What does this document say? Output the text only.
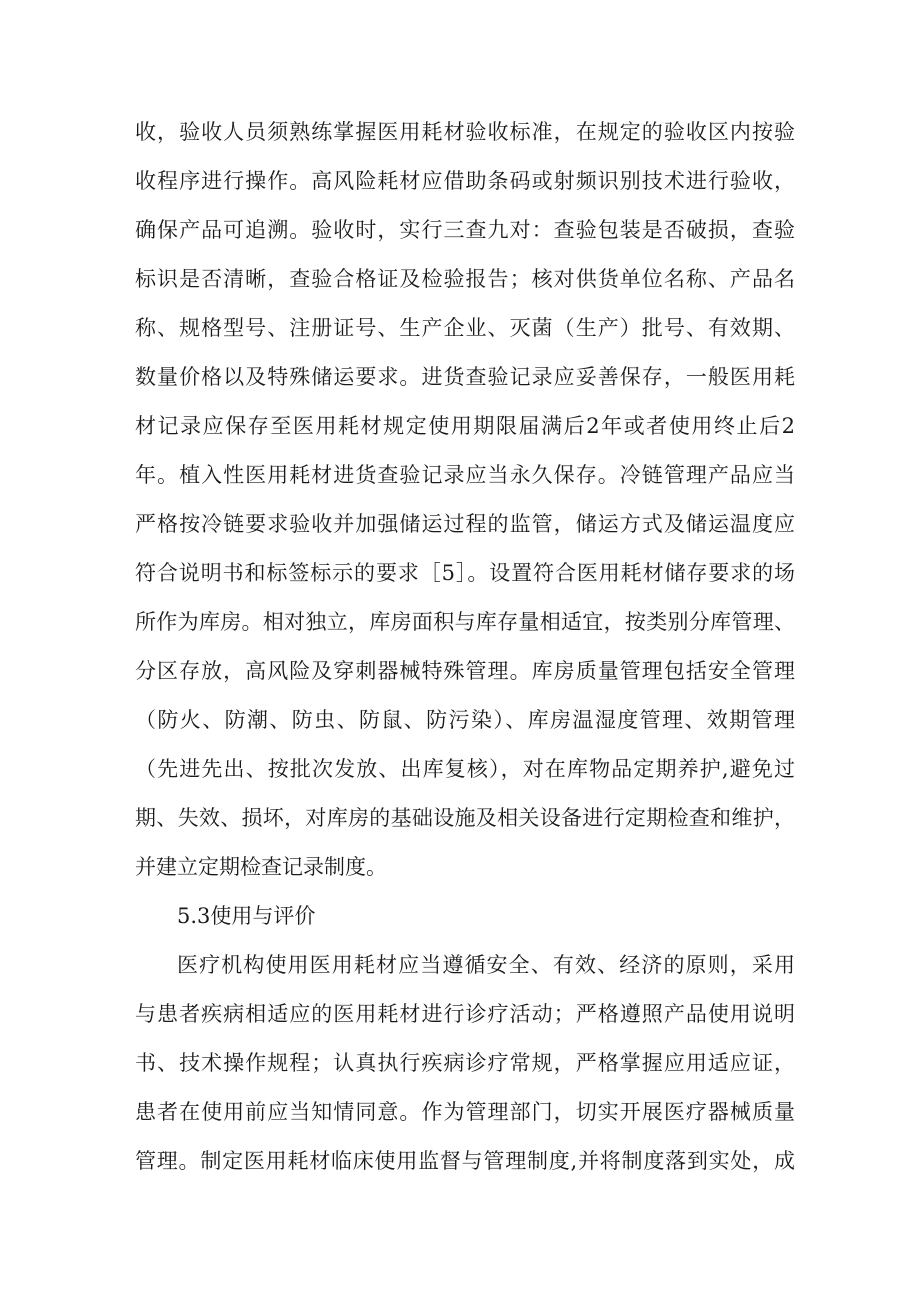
收，验收人员须熟练掌握医用耗材验收标准，在规定的验收区内按验
收程序进行操作。高风险耗材应借助条码或射频识别技术进行验收，
确保产品可追溯。验收时，实行三查九对：查验包装是否破损，查验
标识是否清晰，查验合格证及检验报告；核对供货单位名称、产品名
称、规格型号、注册证号、生产企业、灭菌（生产）批号、有效期、
数量价格以及特殊储运要求。进货查验记录应妥善保存，一般医用耗
材记录应保存至医用耗材规定使用期限届满后2年或者使用终止后2
年。植入性医用耗材进货查验记录应当永久保存。冷链管理产品应当
严格按冷链要求验收并加强储运过程的监管，储运方式及储运温度应
符合说明书和标签标示的要求［5］。设置符合医用耗材储存要求的场
所作为库房。相对独立，库房面积与库存量相适宜，按类别分库管理、
分区存放，高风险及穿刺器械特殊管理。库房质量管理包括安全管理
（防火、防潮、防虫、防鼠、防污染）、库房温湿度管理、效期管理
（先进先出、按批次发放、出库复核），对在库物品定期养护,避免过
期、失效、损坏，对库房的基础设施及相关设备进行定期检查和维护，
并建立定期检查记录制度。
5.3使用与评价
医疗机构使用医用耗材应当遵循安全、有效、经济的原则，采用
与患者疾病相适应的医用耗材进行诊疗活动；严格遵照产品使用说明
书、技术操作规程；认真执行疾病诊疗常规，严格掌握应用适应证，
患者在使用前应当知情同意。作为管理部门，切实开展医疗器械质量
管理。制定医用耗材临床使用监督与管理制度,并将制度落到实处，成
